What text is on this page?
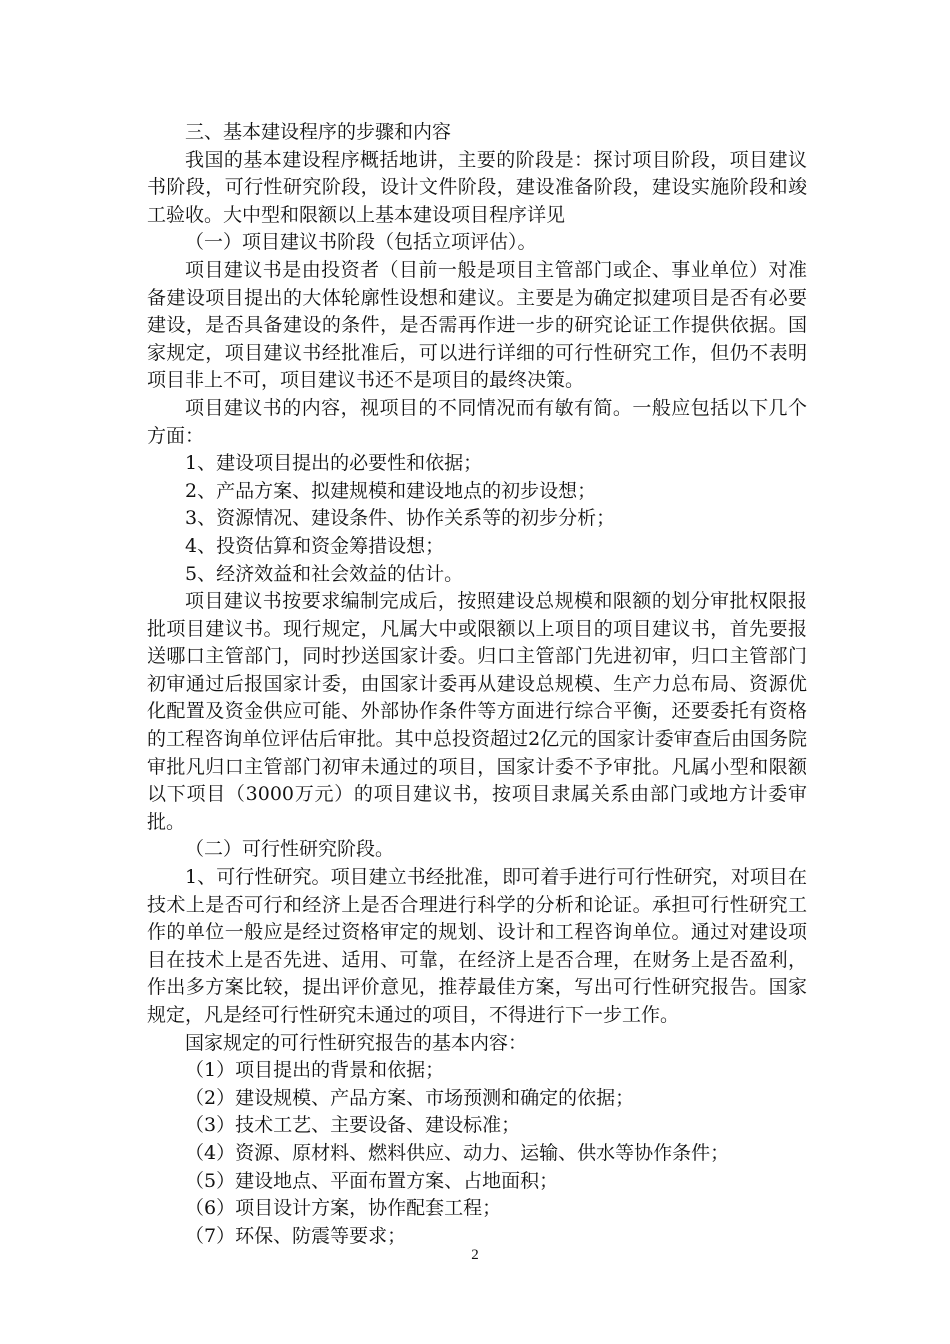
三、基本建设程序的步骤和内容

我国的基本建设程序概括地讲，主要的阶段是：探讨项目阶段，项目建议书阶段，可行性研究阶段，设计文件阶段，建设准备阶段，建设实施阶段和竣工验收。大中型和限额以上基本建设项目程序详见

（一）项目建议书阶段（包括立项评估）。

项目建议书是由投资者（目前一般是项目主管部门或企、事业单位）对准备建设项目提出的大体轮廓性设想和建议。主要是为确定拟建项目是否有必要建设，是否具备建设的条件，是否需再作进一步的研究论证工作提供依据。国家规定，项目建议书经批准后，可以进行详细的可行性研究工作，但仍不表明项目非上不可，项目建议书还不是项目的最终决策。

项目建议书的内容，视项目的不同情况而有敏有简。一般应包括以下几个方面：

1、建设项目提出的必要性和依据；

2、产品方案、拟建规模和建设地点的初步设想；

3、资源情况、建设条件、协作关系等的初步分析；

4、投资估算和资金筹措设想；

5、经济效益和社会效益的估计。

项目建议书按要求编制完成后，按照建设总规模和限额的划分审批权限报批项目建议书。现行规定，凡属大中或限额以上项目的项目建议书，首先要报送哪口主管部门，同时抄送国家计委。归口主管部门先进初审，归口主管部门初审通过后报国家计委，由国家计委再从建设总规模、生产力总布局、资源优化配置及资金供应可能、外部协作条件等方面进行综合平衡，还要委托有资格的工程咨询单位评估后审批。其中总投资超过2亿元的国家计委审查后由国务院审批凡归口主管部门初审未通过的项目，国家计委不予审批。凡属小型和限额以下项目（3000万元）的项目建议书，按项目隶属关系由部门或地方计委审批。

（二）可行性研究阶段。

1、可行性研究。项目建立书经批准，即可着手进行可行性研究，对项目在技术上是否可行和经济上是否合理进行科学的分析和论证。承担可行性研究工作的单位一般应是经过资格审定的规划、设计和工程咨询单位。通过对建设项目在技术上是否先进、适用、可靠，在经济上是否合理，在财务上是否盈利，作出多方案比较，提出评价意见，推荐最佳方案，写出可行性研究报告。国家规定，凡是经可行性研究未通过的项目，不得进行下一步工作。

国家规定的可行性研究报告的基本内容：

（1）项目提出的背景和依据；

（2）建设规模、产品方案、市场预测和确定的依据；

（3）技术工艺、主要设备、建设标准；

（4）资源、原材料、燃料供应、动力、运输、供水等协作条件；

（5）建设地点、平面布置方案、占地面积；

（6）项目设计方案，协作配套工程；

（7）环保、防震等要求；

2
